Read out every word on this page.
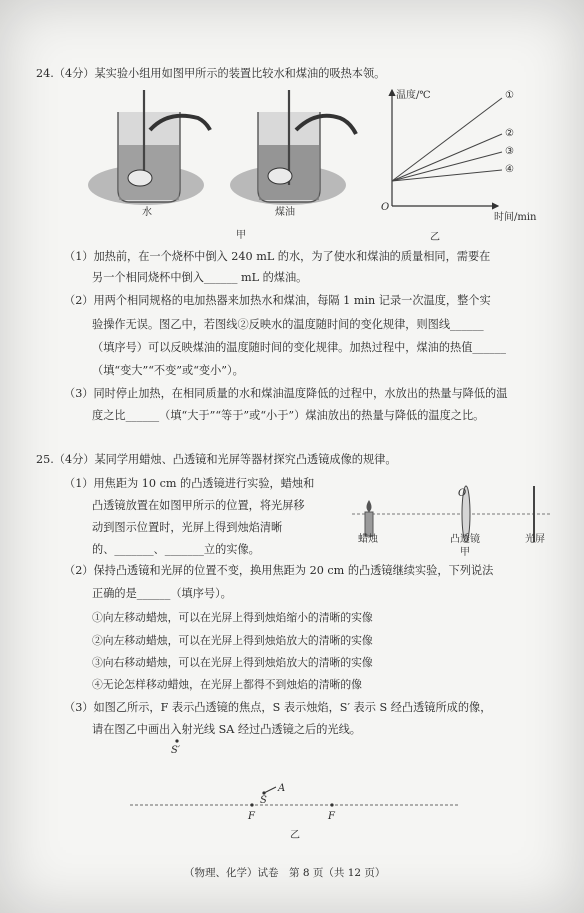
24.（4分）某实验小组用如图甲所示的装置比较水和煤油的吸热本领。
水	煤油
甲
温度/℃
时间/min
O
①
②
③
④
乙
（1）加热前，在一个烧杯中倒入 240 mL 的水，为了使水和煤油的质量相同，需要在
另一个相同烧杯中倒入______ mL 的煤油。
（2）用两个相同规格的电加热器来加热水和煤油，每隔 1 min 记录一次温度，整个实
验操作无误。图乙中，若图线②反映水的温度随时间的变化规律，则图线______
（填序号）可以反映煤油的温度随时间的变化规律。加热过程中，煤油的热值______
（填“变大”“不变”或“变小”）。
（3）同时停止加热，在相同质量的水和煤油温度降低的过程中，水放出的热量与降低的温
度之比______（填“大于”“等于”或“小于”）煤油放出的热量与降低的温度之比。
25.（4分）某同学用蜡烛、凸透镜和光屏等器材探究凸透镜成像的规律。
（1）用焦距为 10 cm 的凸透镜进行实验，蜡烛和
凸透镜放置在如图甲所示的位置，将光屏移
动到图示位置时，光屏上得到烛焰清晰
的、_______、_______立的实像。
O
蜡烛	凸透镜	光屏
甲
（2）保持凸透镜和光屏的位置不变，换用焦距为 20 cm 的凸透镜继续实验，下列说法
正确的是______（填序号）。
①向左移动蜡烛，可以在光屏上得到烛焰缩小的清晰的实像
②向左移动蜡烛，可以在光屏上得到烛焰放大的清晰的实像
③向右移动蜡烛，可以在光屏上得到烛焰放大的清晰的实像
④无论怎样移动蜡烛，在光屏上都得不到烛焰的清晰的像
（3）如图乙所示，F 表示凸透镜的焦点，S 表示烛焰，S′ 表示 S 经凸透镜所成的像，
请在图乙中画出入射光线 SA 经过凸透镜之后的光线。
S′
S
A
F	F
乙
（物理、化学）试卷　第 8 页（共 12 页）
